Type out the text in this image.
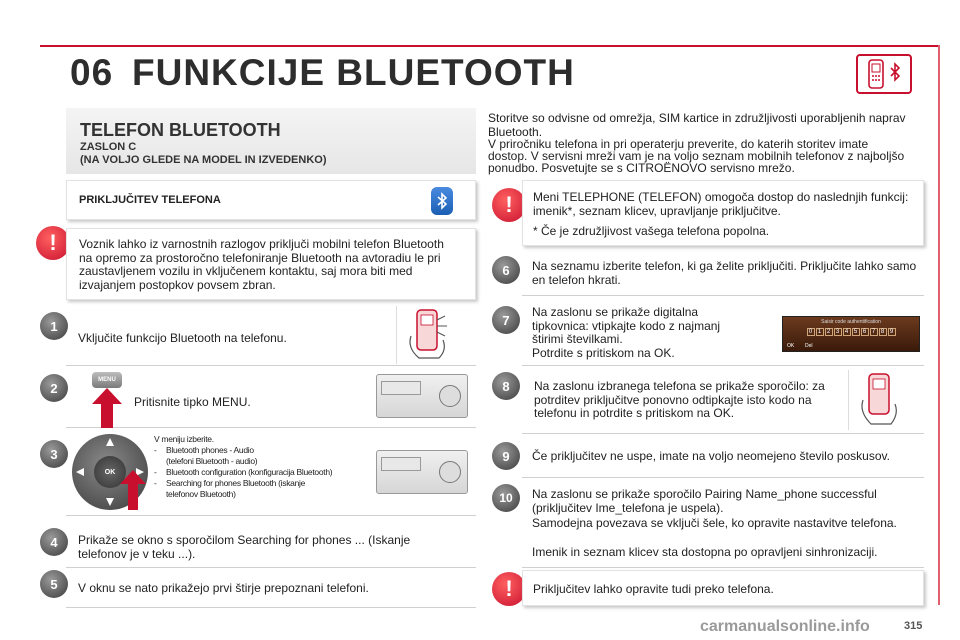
06 FUNKCIJE BLUETOOTH
TELEFON BLUETOOTH
ZASLON C
(NA VOLJO GLEDE NA MODEL IN IZVEDENKO)
PRIKLJUČITEV TELEFONA
!	Voznik lahko iz varnostnih razlogov priključi mobilni telefon Bluetooth na opremo za prostoročno telefoniranje Bluetooth na avtoradiu le pri zaustavljenem vozilu in vključenem kontaktu, saj mora biti med izvajanjem postopkov povsem zbran.
1
Vključite funkcijo Bluetooth na telefonu.
2
MENU
Pritisnite tipko MENU.
3
OK
V meniju izberite.
-	Bluetooth phones - Audio
(telefoni Bluetooth - audio)
-	Bluetooth configuration (konfiguracija Bluetooth)
-	Searching for phones Bluetooth (iskanje
telefonov Bluetooth)
4	Prikaže se okno s sporočilom Searching for phones ... (Iskanje telefonov je v teku ...).
5	V oknu se nato prikažejo prvi štirje prepoznani telefoni.
Storitve so odvisne od omrežja, SIM kartice in združljivosti uporabljenih naprav Bluetooth.
V priročniku telefona in pri operaterju preverite, do katerih storitev imate dostop. V servisni mreži vam je na voljo seznam mobilnih telefonov z najboljšo ponudbo. Posvetujte se s CITROËNOVO servisno mrežo.
!	Meni TELEPHONE (TELEFON) omogoča dostop do naslednjih funkcij: imenik*, seznam klicev, upravljanje priključitve.
* Če je združljivost vašega telefona popolna.
6	Na seznamu izberite telefon, ki ga želite priključiti. Priključite lahko samo en telefon hkrati.
7
Na zaslonu se prikaže digitalna tipkovnica: vtipkajte kodo z najmanj štirimi številkami.
Potrdite s pritiskom na OK.
Saisir code authentification
0 1 2 3 4 5 6 7 8 9
OK Del
8	Na zaslonu izbranega telefona se prikaže sporočilo: za potrditev priključitve ponovno odtipkajte isto kodo na telefonu in potrdite s pritiskom na OK.
9	Če priključitev ne uspe, imate na voljo neomejeno število poskusov.
10	Na zaslonu se prikaže sporočilo Pairing Name_phone successful (priključitev Ime_telefona je uspela).
Samodejna povezava se vključi šele, ko opravite nastavitve telefona.
Imenik in seznam klicev sta dostopna po opravljeni sinhronizaciji.
!	Priključitev lahko opravite tudi preko telefona.
carmanualsonline.info	315
